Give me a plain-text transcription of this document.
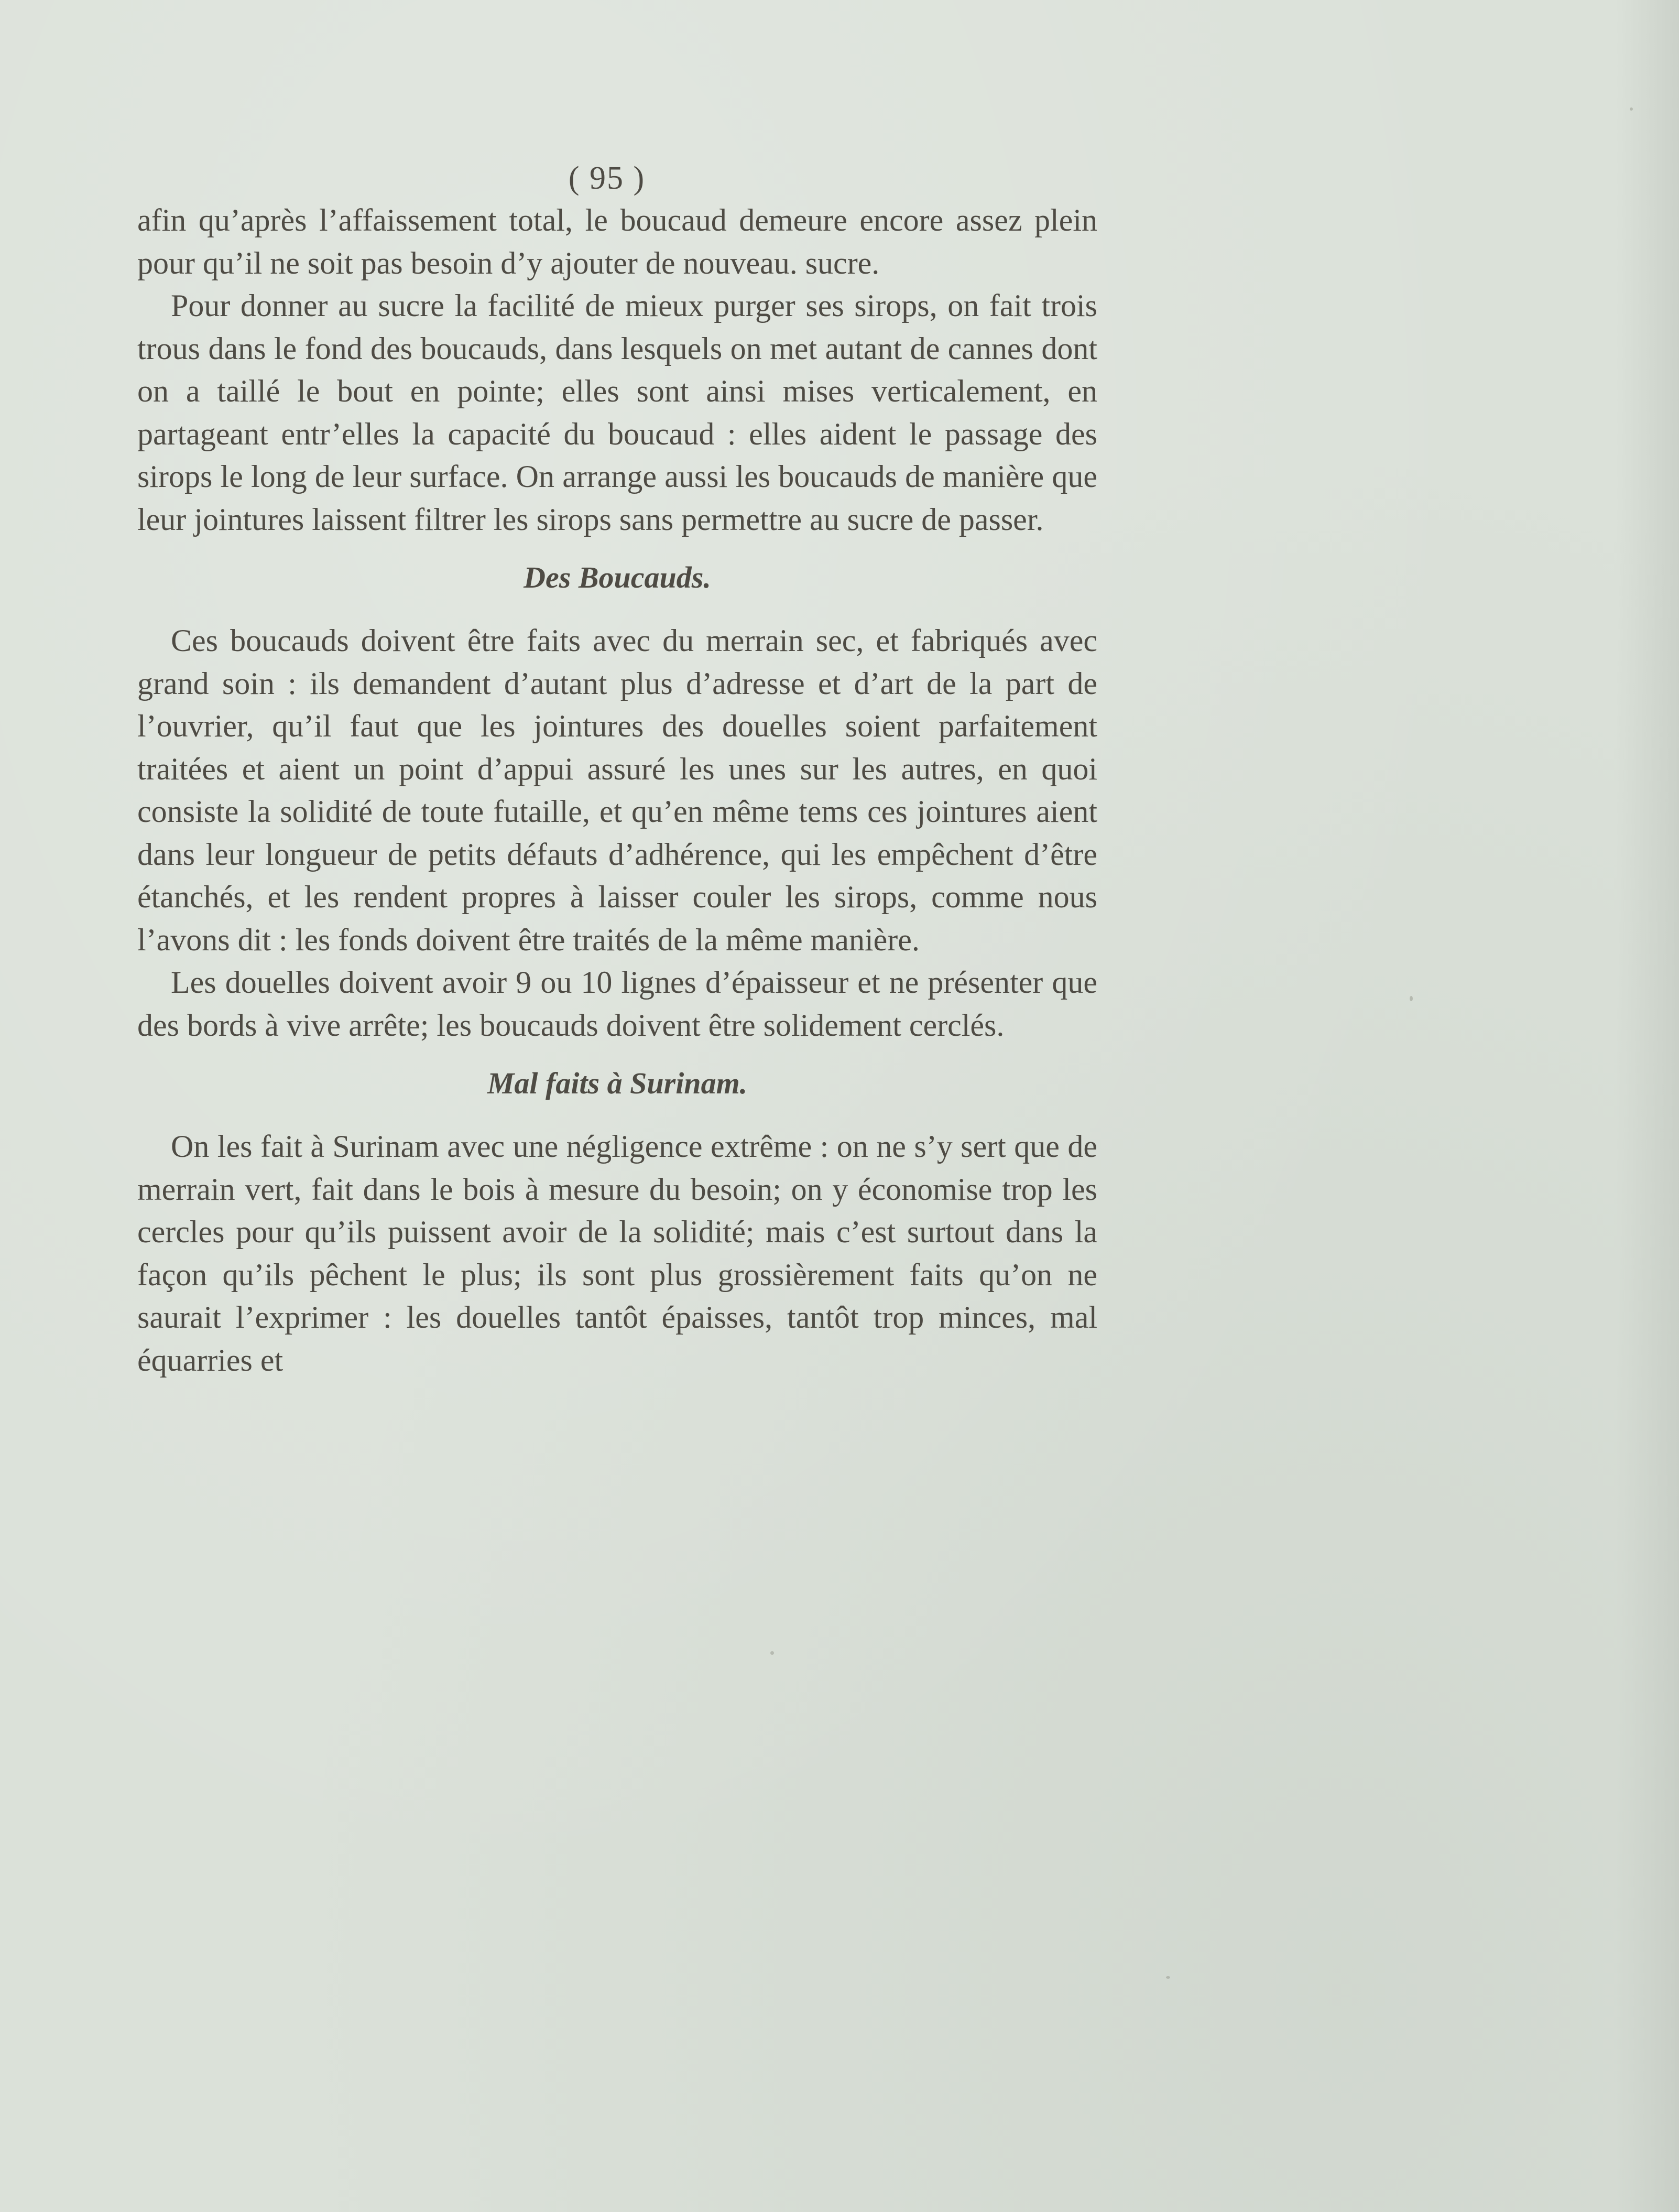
( 95 )

afin qu’après l’affaissement total, le boucaud demeure encore assez plein pour qu’il ne soit pas besoin d’y ajouter de nouveau. sucre.

Pour donner au sucre la facilité de mieux purger ses sirops, on fait trois trous dans le fond des boucauds, dans lesquels on met autant de cannes dont on a taillé le bout en pointe; elles sont ainsi mises verticalement, en partageant entr’elles la capacité du boucaud : elles aident le passage des sirops le long de leur surface. On arrange aussi les boucauds de manière que leur jointures laissent filtrer les sirops sans permettre au sucre de passer.

Des Boucauds.

Ces boucauds doivent être faits avec du merrain sec, et fabriqués avec grand soin : ils demandent d’autant plus d’adresse et d’art de la part de l’ouvrier, qu’il faut que les jointures des douelles soient parfaitement traitées et aient un point d’appui assuré les unes sur les autres, en quoi consiste la solidité de toute futaille, et qu’en même tems ces jointures aient dans leur longueur de petits défauts d’adhérence, qui les empêchent d’être étanchés, et les rendent propres à laisser couler les sirops, comme nous l’avons dit : les fonds doivent être traités de la même manière.

Les douelles doivent avoir 9 ou 10 lignes d’épaisseur et ne présenter que des bords à vive arrête; les boucauds doivent être solidement cerclés.

Mal faits à Surinam.

On les fait à Surinam avec une négligence extrême : on ne s’y sert que de merrain vert, fait dans le bois à mesure du besoin; on y économise trop les cercles pour qu’ils puissent avoir de la solidité; mais c’est surtout dans la façon qu’ils pêchent le plus; ils sont plus grossièrement faits qu’on ne saurait l’exprimer : les douelles tantôt épaisses, tantôt trop minces, mal équarries et
